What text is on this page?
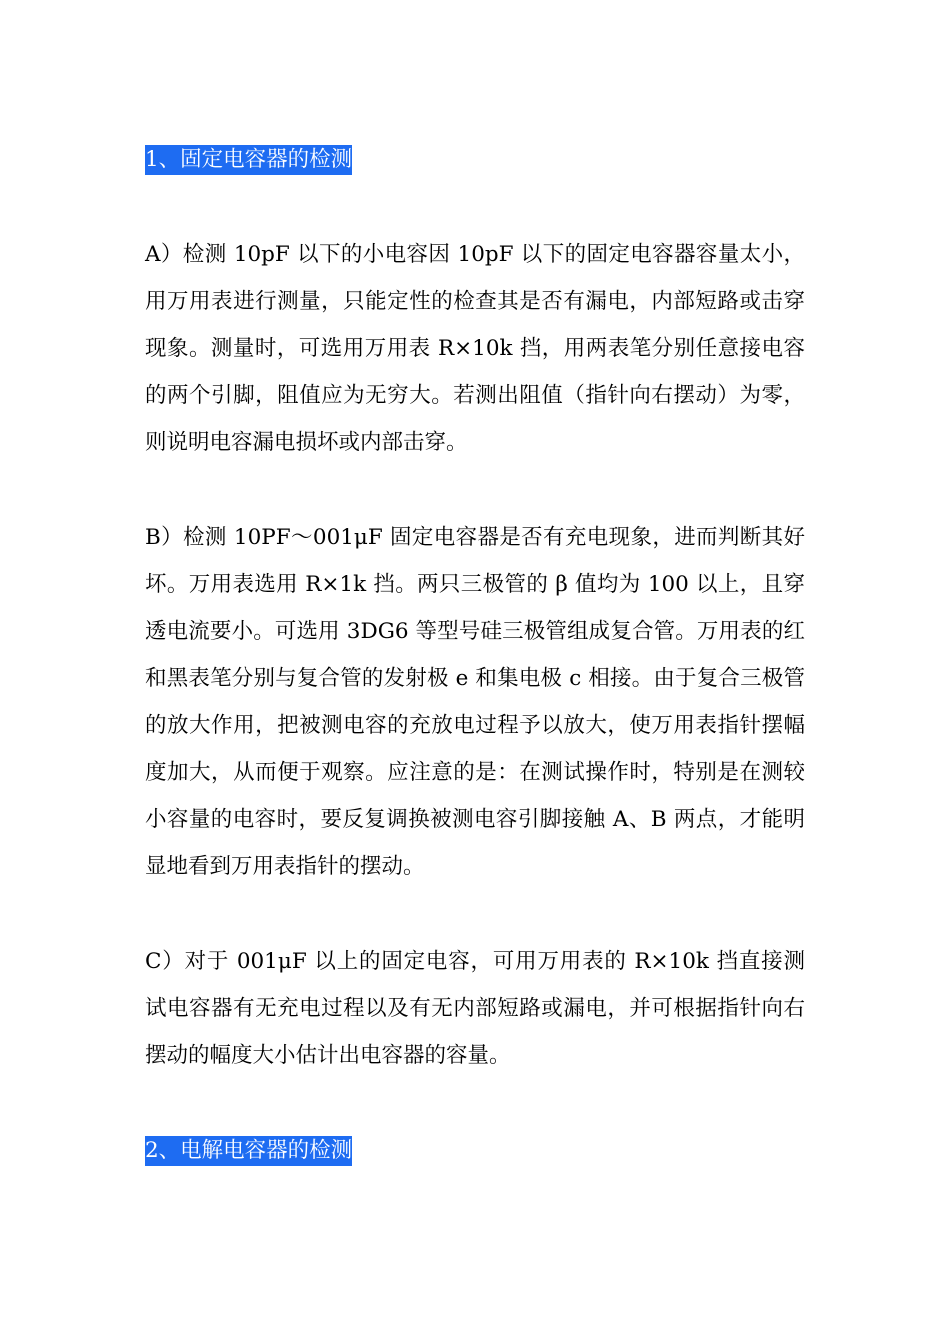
1、固定电容器的检测

A）检测 10pF 以下的小电容因 10pF 以下的固定电容器容量太小，用万用表进行测量，只能定性的检查其是否有漏电，内部短路或击穿现象。测量时，可选用万用表 R×10k 挡，用两表笔分别任意接电容的两个引脚，阻值应为无穷大。若测出阻值（指针向右摆动）为零，则说明电容漏电损坏或内部击穿。

B）检测 10PF～001μF 固定电容器是否有充电现象，进而判断其好坏。万用表选用 R×1k 挡。两只三极管的 β 值均为 100 以上，且穿透电流要小。可选用 3DG6 等型号硅三极管组成复合管。万用表的红和黑表笔分别与复合管的发射极 e 和集电极 c 相接。由于复合三极管的放大作用，把被测电容的充放电过程予以放大，使万用表指针摆幅度加大，从而便于观察。应注意的是：在测试操作时，特别是在测较小容量的电容时，要反复调换被测电容引脚接触 A、B 两点，才能明显地看到万用表指针的摆动。

C）对于 001μF 以上的固定电容，可用万用表的 R×10k 挡直接测试电容器有无充电过程以及有无内部短路或漏电，并可根据指针向右摆动的幅度大小估计出电容器的容量。

2、电解电容器的检测
